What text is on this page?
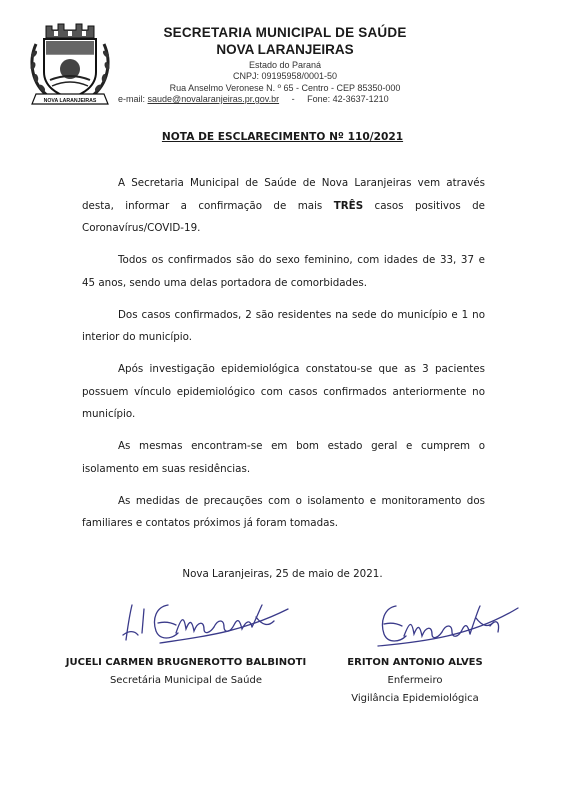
NOVA LARANJEIRAS
SECRETARIA MUNICIPAL DE SAÚDE
NOVA LARANJEIRAS
Estado do Paraná
CNPJ: 09195958/0001-50
Rua Anselmo Veronese N. º 65 - Centro - CEP 85350-000
e-mail: saude@novalaranjeiras.pr.gov.br - Fone: 42-3637-1210
NOTA DE ESCLARECIMENTO Nº 110/2021

A Secretaria Municipal de Saúde de Nova Laranjeiras vem através desta, informar a confirmação de mais TRÊS casos positivos de Coronavírus/COVID-19.

Todos os confirmados são do sexo feminino, com idades de 33, 37 e 45 anos, sendo uma delas portadora de comorbidades.

Dos casos confirmados, 2 são residentes na sede do município e 1 no interior do município.

Após investigação epidemiológica constatou-se que as 3 pacientes possuem vínculo epidemiológico com casos confirmados anteriormente no município.

As mesmas encontram-se em bom estado geral e cumprem o isolamento em suas residências.

As medidas de precauções com o isolamento e monitoramento dos familiares e contatos próximos já foram tomadas.

Nova Laranjeiras, 25 de maio de 2021.
JUCELI CARMEN BRUGNEROTTO BALBINOTI
Secretária Municipal de Saúde
ERITON ANTONIO ALVES
Enfermeiro
Vigilância Epidemiológica
